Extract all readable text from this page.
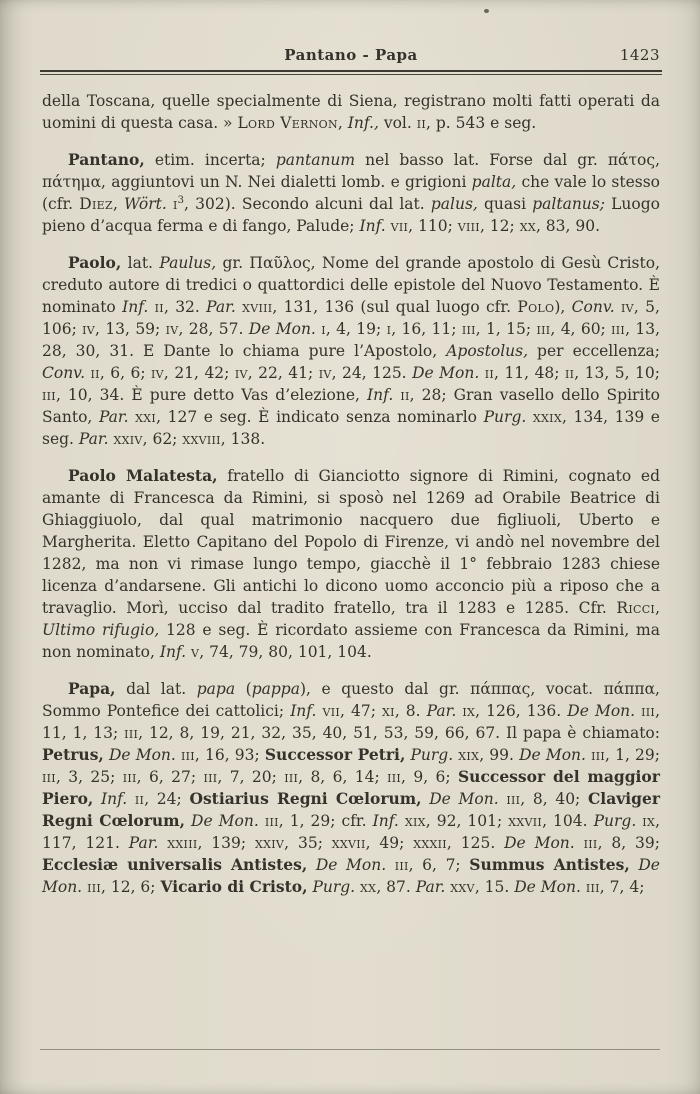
Pantano - Papa	1423

della Toscana, quelle specialmente di Siena, registrano molti fatti operati da uomini di questa casa. » Lord Vernon, Inf., vol. ii, p. 543 e seg.

Pantano, etim. incerta; pantanum nel basso lat. Forse dal gr. πάτος, πάτημα, aggiuntovi un N. Nei dialetti lomb. e grigioni palta, che vale lo stesso (cfr. Diez, Wört. $i^3$, 302). Secondo alcuni dal lat. palus, quasi paltanus; Luogo pieno d’acqua ferma e di fango, Palude; Inf. vii, 110; viii, 12; xx, 83, 90.

Paolo, lat. Paulus, gr. Παῦλος, Nome del grande apostolo di Gesù Cristo, creduto autore di tredici o quattordici delle epistole del Nuovo Testamento. È nominato Inf. ii, 32. Par. xviii, 131, 136 (sul qual luogo cfr. Polo), Conv. iv, 5, 106; iv, 13, 59; iv, 28, 57. De Mon. i, 4, 19; i, 16, 11; iii, 1, 15; iii, 4, 60; iii, 13, 28, 30, 31. E Dante lo chiama pure l’Apostolo, Apostolus, per eccellenza; Conv. ii, 6, 6; iv, 21, 42; iv, 22, 41; iv, 24, 125. De Mon. ii, 11, 48; ii, 13, 5, 10; iii, 10, 34. È pure detto Vas d’elezione, Inf. ii, 28; Gran vasello dello Spirito Santo, Par. xxi, 127 e seg. È indicato senza nominarlo Purg. xxix, 134, 139 e seg. Par. xxiv, 62; xxviii, 138.

Paolo Malatesta, fratello di Gianciotto signore di Rimini, cognato ed amante di Francesca da Rimini, si sposò nel 1269 ad Orabile Beatrice di Ghiaggiuolo, dal qual matrimonio nacquero due figliuoli, Uberto e Margherita. Eletto Capitano del Popolo di Firenze, vi andò nel novembre del 1282, ma non vi rimase lungo tempo, giacchè il 1° febbraio 1283 chiese licenza d’andarsene. Gli antichi lo dicono uomo acconcio più a riposo che a travaglio. Morì, ucciso dal tradito fratello, tra il 1283 e 1285. Cfr. Ricci, Ultimo rifugio, 128 e seg. È ricordato assieme con Francesca da Rimini, ma non nominato, Inf. v, 74, 79, 80, 101, 104.

Papa, dal lat. papa (pappa), e questo dal gr. πάππας, vocat. πάππα, Sommo Pontefice dei cattolici; Inf. vii, 47; xi, 8. Par. ix, 126, 136. De Mon. iii, 11, 1, 13; iii, 12, 8, 19, 21, 32, 35, 40, 51, 53, 59, 66, 67. Il papa è chiamato: Petrus, De Mon. iii, 16, 93; Successor Petri, Purg. xix, 99. De Mon. iii, 1, 29; iii, 3, 25; iii, 6, 27; iii, 7, 20; iii, 8, 6, 14; iii, 9, 6; Successor del maggior Piero, Inf. ii, 24; Ostiarius Regni Cœlorum, De Mon. iii, 8, 40; Claviger Regni Cœlorum, De Mon. iii, 1, 29; cfr. Inf. xix, 92, 101; xxvii, 104. Purg. ix, 117, 121. Par. xxiii, 139; xxiv, 35; xxvii, 49; xxxii, 125. De Mon. iii, 8, 39; Ecclesiæ universalis Antistes, De Mon. iii, 6, 7; Summus Antistes, De Mon. iii, 12, 6; Vicario di Cristo, Purg. xx, 87. Par. xxv, 15. De Mon. iii, 7, 4;
